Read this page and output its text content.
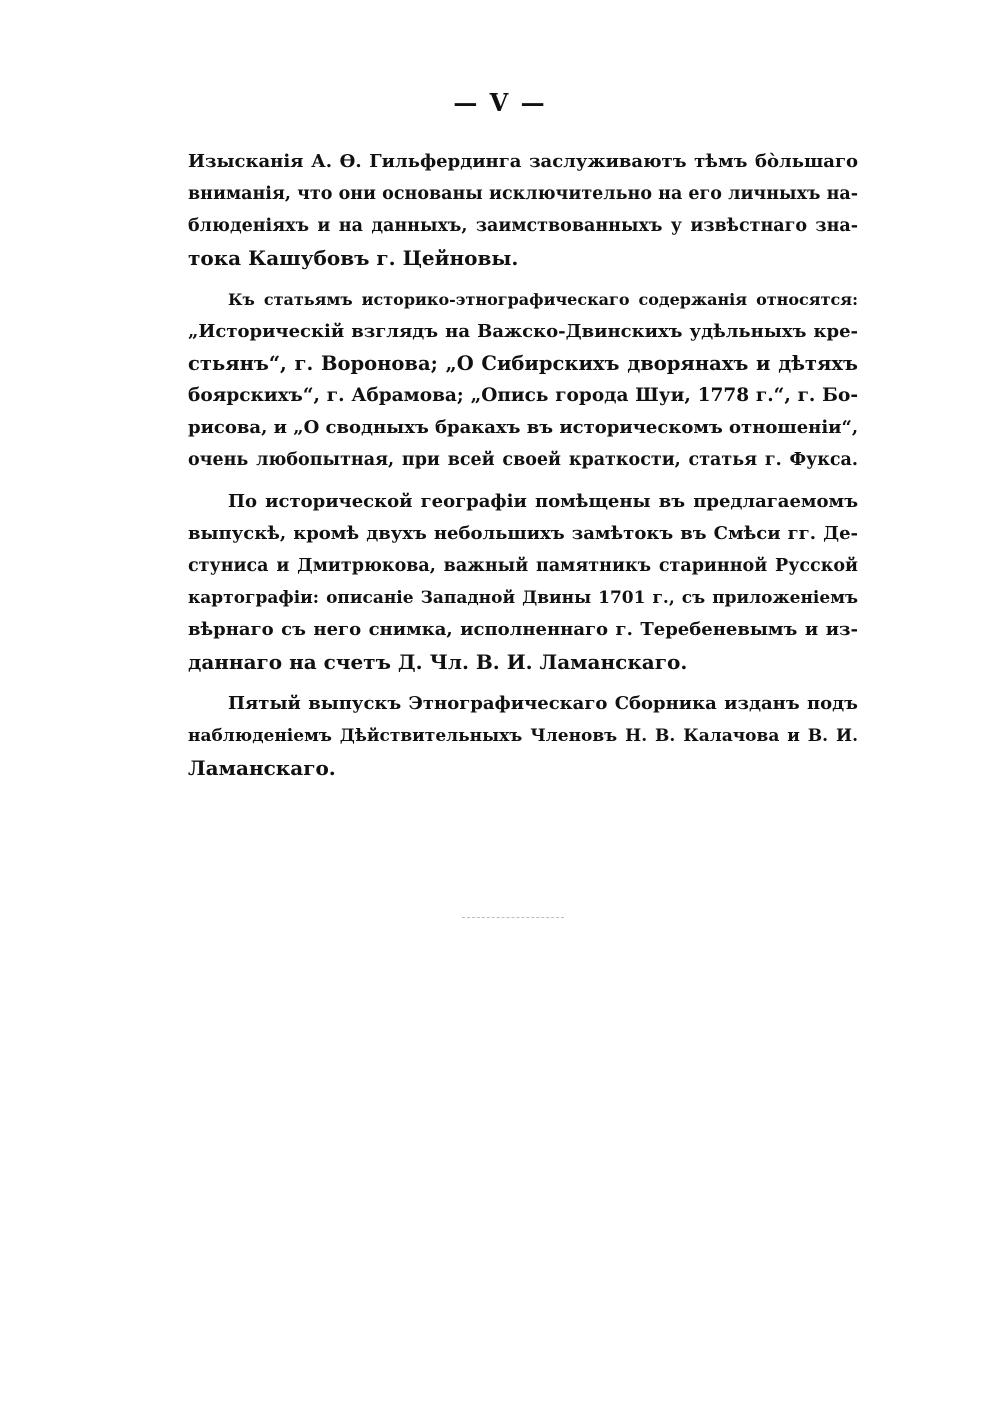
— V —

Изысканія А. Ѳ. Гильфердинга заслуживаютъ тѣмъ бо̀льшаго
вниманія, что они основаны исключительно на его личныхъ на-
блюденіяхъ и на данныхъ, заимствованныхъ у извѣстнаго зна-
тока Кашубовъ г. Цейновы.

Къ статьямъ историко-этнографическаго содержанія относятся:
„Историческій взглядъ на Важско-Двинскихъ удѣльныхъ кре-
стьянъ“, г. Воронова; „О Сибирскихъ дворянахъ и дѣтяхъ
боярскихъ“, г. Абрамова; „Опись города Шуи, 1778 г.“, г. Бо-
рисова, и „О сводныхъ бракахъ въ историческомъ отношеніи“,
очень любопытная, при всей своей краткости, статья г. Фукса.

По исторической географіи помѣщены въ предлагаемомъ
выпускѣ, кромѣ двухъ небольшихъ замѣтокъ въ Смѣси гг. Де-
стуниса и Дмитрюкова, важный памятникъ старинной Русской
картографіи: описаніе Западной Двины 1701 г., съ приложеніемъ
вѣрнаго съ него снимка, исполненнаго г. Теребеневымъ и из-
даннаго на счетъ Д. Чл. В. И. Ламанскаго.

Пятый выпускъ Этнографическаго Сборника изданъ подъ
наблюденіемъ Дѣйствительныхъ Членовъ Н. В. Калачова и В. И.
Ламанскаго.
